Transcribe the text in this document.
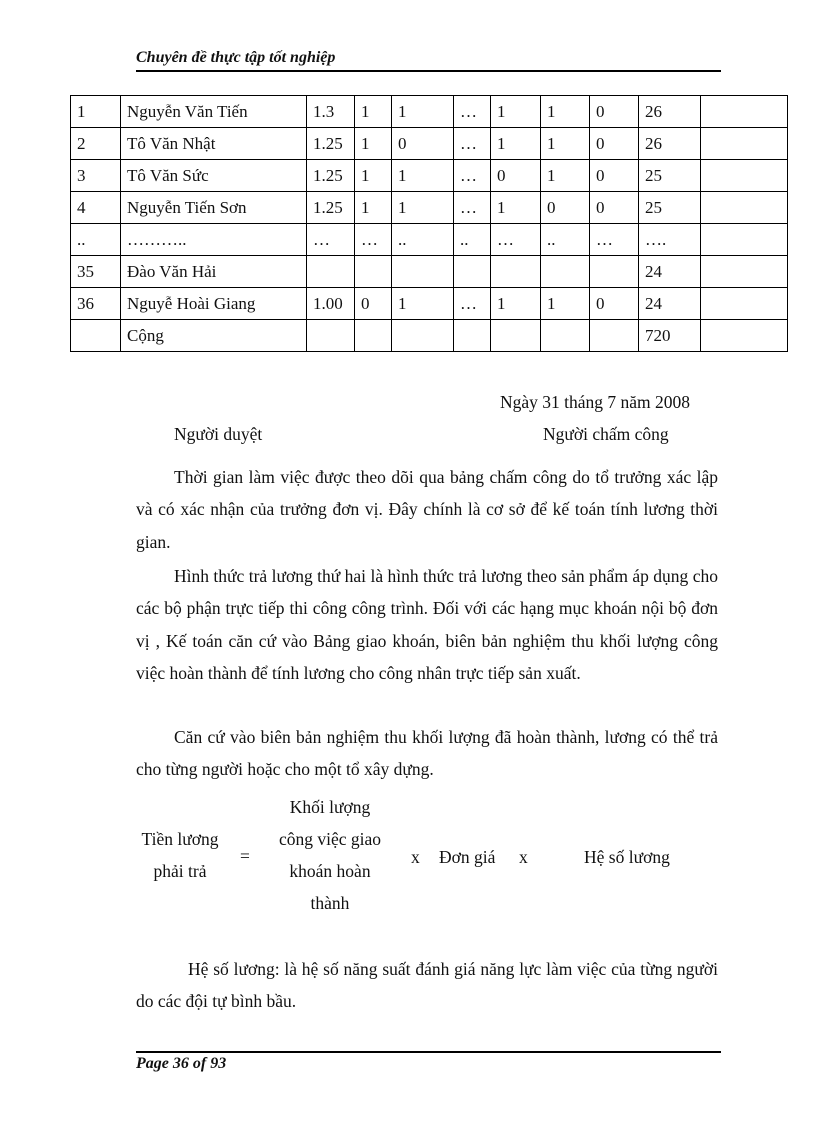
Chuyên đề thực tập tốt nghiệp
1	Nguyễn Văn Tiến	1.3	1	1	…	1	1	0	26	
2	Tô Văn Nhật	1.25	1	0	…	1	1	0	26	
3	Tô Văn Sức	1.25	1	1	…	0	1	0	25	
4	Nguyễn Tiến Sơn	1.25	1	1	…	1	0	0	25	
..	………..	…	…	..	..	…	..	…	….	
35	Đào Văn Hải								24	
36	Nguyễ Hoài Giang	1.00	0	1	…	1	1	0	24	
	Cộng								720	
Ngày 31 tháng 7 năm 2008
Người duyệt	Người chấm công

Thời gian làm việc được theo dõi qua bảng chấm công do tổ trưởng xác lập và có xác nhận của trưởng đơn vị. Đây chính là cơ sở để kế toán tính lương thời gian.

Hình thức trả lương thứ hai là hình thức trả lương theo sản phẩm áp dụng cho các bộ phận trực tiếp thi công công trình. Đối với các hạng mục khoán nội bộ đơn vị , Kế toán căn cứ vào Bảng giao khoán, biên bản nghiệm thu khối lượng công việc hoàn thành để tính lương cho công nhân trực tiếp sản xuất.

Căn cứ vào biên bản nghiệm thu khối lượng đã hoàn thành, lương có thể trả cho từng người hoặc cho một tổ xây dựng.

Tiền lương
phải trả
=
Khối lượng
công việc giao
khoán hoàn
thành
x Đơn giá x	Hệ số lương

Hệ số lương: là hệ số năng suất đánh giá năng lực làm việc của từng người do các đội tự bình bầu.

Page 36 of 93
